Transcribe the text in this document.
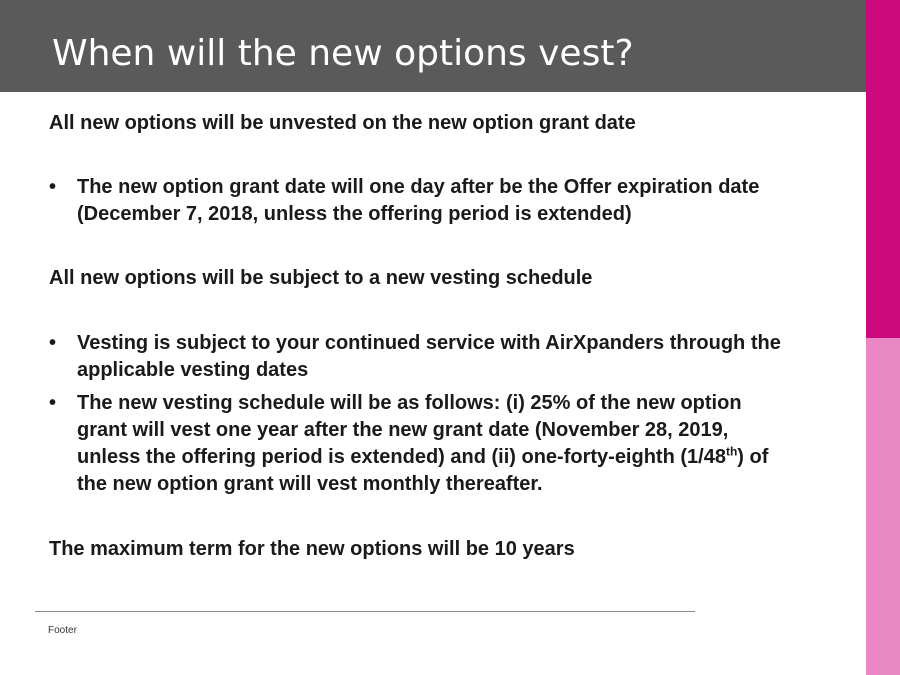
When will the new options vest?

All new options will be unvested on the new option grant date

• The new option grant date will one day after be the Offer expiration date
(December 7, 2018, unless the offering period is extended)

All new options will be subject to a new vesting schedule

• Vesting is subject to your continued service with AirXpanders through the
applicable vesting dates
• The new vesting schedule will be as follows: (i) 25% of the new option
grant will vest one year after the new grant date (November 28, 2019,
unless the offering period is extended) and (ii) one-forty-eighth (1/48th) of
the new option grant will vest monthly thereafter.

The maximum term for the new options will be 10 years

Footer
